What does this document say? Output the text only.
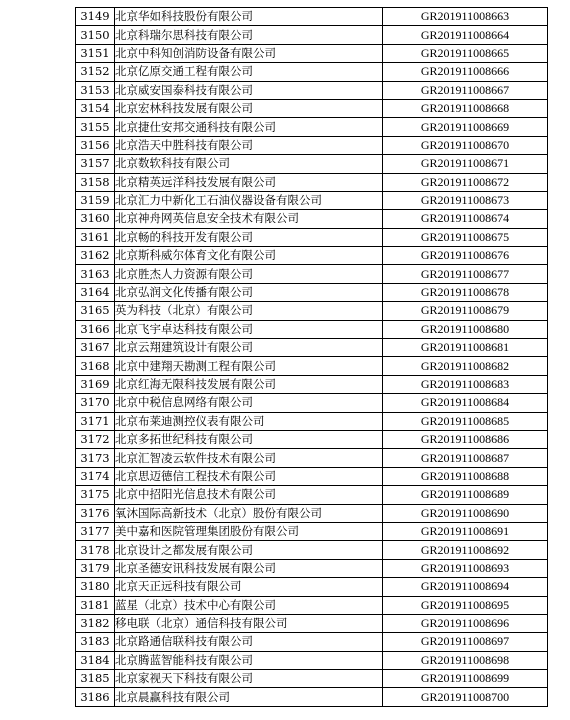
3149	北京华如科技股份有限公司	GR201911008663
3150	北京科瑞尔思科技有限公司	GR201911008664
3151	北京中科知创消防设备有限公司	GR201911008665
3152	北京亿原交通工程有限公司	GR201911008666
3153	北京威安国泰科技有限公司	GR201911008667
3154	北京宏林科技发展有限公司	GR201911008668
3155	北京捷仕安邦交通科技有限公司	GR201911008669
3156	北京浩天中胜科技有限公司	GR201911008670
3157	北京数软科技有限公司	GR201911008671
3158	北京精英远洋科技发展有限公司	GR201911008672
3159	北京汇力中新化工石油仪器设备有限公司	GR201911008673
3160	北京神舟网英信息安全技术有限公司	GR201911008674
3161	北京畅的科技开发有限公司	GR201911008675
3162	北京斯科威尔体育文化有限公司	GR201911008676
3163	北京胜杰人力资源有限公司	GR201911008677
3164	北京弘润文化传播有限公司	GR201911008678
3165	英为科技（北京）有限公司	GR201911008679
3166	北京飞宇卓达科技有限公司	GR201911008680
3167	北京云翔建筑设计有限公司	GR201911008681
3168	北京中建翔天勘测工程有限公司	GR201911008682
3169	北京红海无限科技发展有限公司	GR201911008683
3170	北京中税信息网络有限公司	GR201911008684
3171	北京布莱迪测控仪表有限公司	GR201911008685
3172	北京多拓世纪科技有限公司	GR201911008686
3173	北京汇智凌云软件技术有限公司	GR201911008687
3174	北京思迈德信工程技术有限公司	GR201911008688
3175	北京中招阳光信息技术有限公司	GR201911008689
3176	氧沐国际高新技术（北京）股份有限公司	GR201911008690
3177	美中嘉和医院管理集团股份有限公司	GR201911008691
3178	北京设计之都发展有限公司	GR201911008692
3179	北京圣德安讯科技发展有限公司	GR201911008693
3180	北京天正远科技有限公司	GR201911008694
3181	蓝星（北京）技术中心有限公司	GR201911008695
3182	移电联（北京）通信科技有限公司	GR201911008696
3183	北京路通信联科技有限公司	GR201911008697
3184	北京腾蓝智能科技有限公司	GR201911008698
3185	北京家视天下科技有限公司	GR201911008699
3186	北京晨赢科技有限公司	GR201911008700
